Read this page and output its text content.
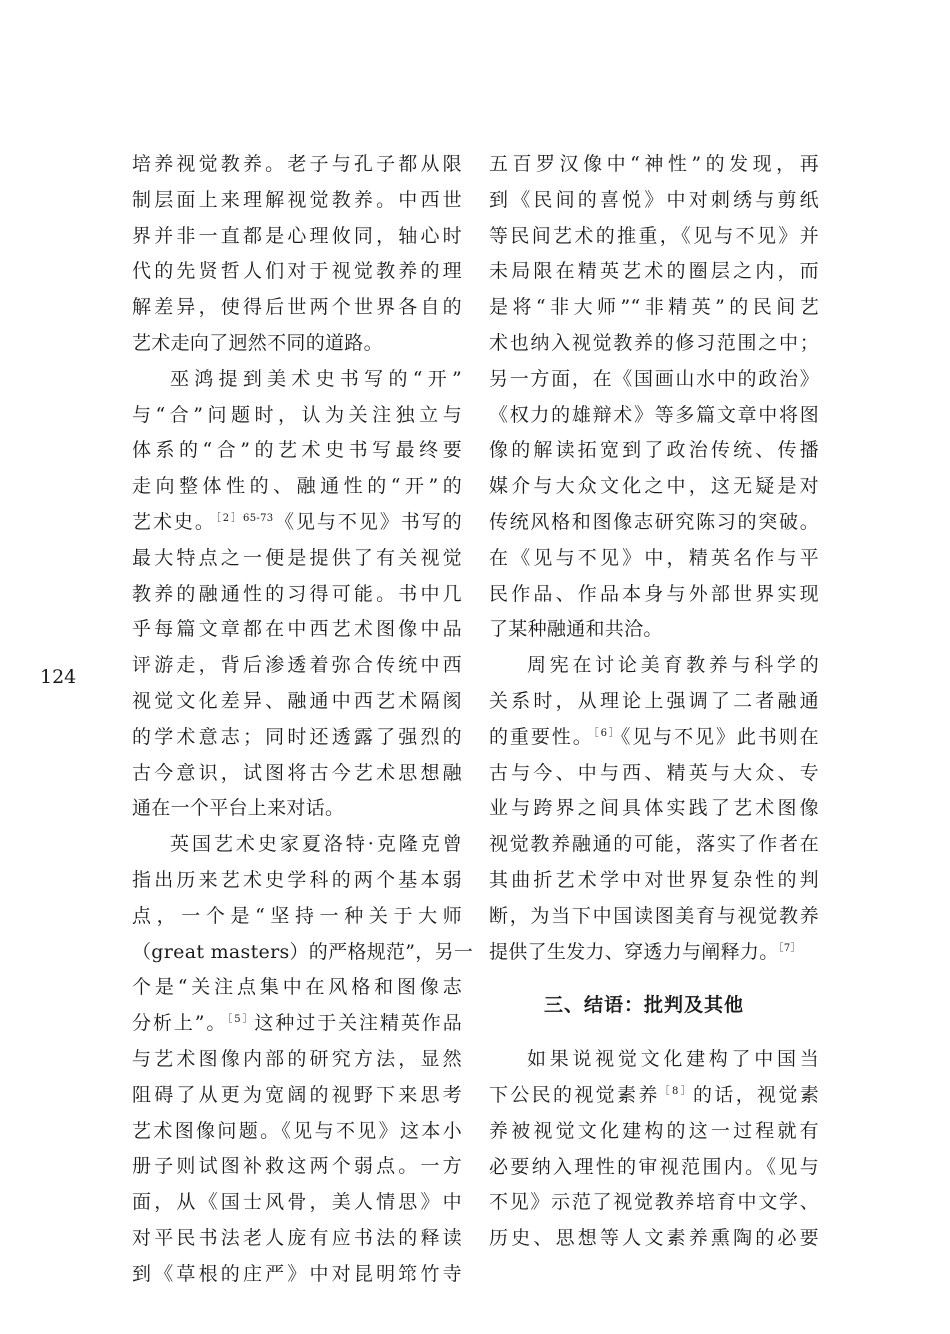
124
培养视觉教养。老子与孔子都从限
制层面上来理解视觉教养。中西世
界并非一直都是心理攸同，轴心时
代的先贤哲人们对于视觉教养的理
解差异，使得后世两个世界各自的
艺术走向了迥然不同的道路。
巫鸿提到美术史书写的“开”
与“合”问题时，认为关注独立与
体系的“合”的艺术史书写最终要
走向整体性的、融通性的“开”的
艺术史。$^{[2]65-73}$《见与不见》书写的
最大特点之一便是提供了有关视觉
教养的融通性的习得可能。书中几
乎每篇文章都在中西艺术图像中品
评游走，背后渗透着弥合传统中西
视觉文化差异、融通中西艺术隔阂
的学术意志；同时还透露了强烈的
古今意识，试图将古今艺术思想融
通在一个平台上来对话。
英国艺术史家夏洛特·克隆克曾
指出历来艺术史学科的两个基本弱
点，一个是“坚持一种关于大师
（great masters）的严格规范”，另一
个是“关注点集中在风格和图像志
分析上”。$^{[5]}$这种过于关注精英作品
与艺术图像内部的研究方法，显然
阻碍了从更为宽阔的视野下来思考
艺术图像问题。《见与不见》这本小
册子则试图补救这两个弱点。一方
面，从《国士风骨，美人情思》中
对平民书法老人庞有应书法的释读
到《草根的庄严》中对昆明筇竹寺
五百罗汉像中“神性”的发现，再
到《民间的喜悦》中对刺绣与剪纸
等民间艺术的推重，《见与不见》并
未局限在精英艺术的圈层之内，而
是将“非大师”“非精英”的民间艺
术也纳入视觉教养的修习范围之中；
另一方面，在《国画山水中的政治》
《权力的雄辩术》等多篇文章中将图
像的解读拓宽到了政治传统、传播
媒介与大众文化之中，这无疑是对
传统风格和图像志研究陈习的突破。
在《见与不见》中，精英名作与平
民作品、作品本身与外部世界实现
了某种融通和共洽。
周宪在讨论美育教养与科学的
关系时，从理论上强调了二者融通
的重要性。$^{[6]}$《见与不见》此书则在
古与今、中与西、精英与大众、专
业与跨界之间具体实践了艺术图像
视觉教养融通的可能，落实了作者在
其曲折艺术学中对世界复杂性的判
断，为当下中国读图美育与视觉教养
提供了生发力、穿透力与阐释力。$^{[7]}$
三、结语：批判及其他
如果说视觉文化建构了中国当
下公民的视觉素养$^{[8]}$的话，视觉素
养被视觉文化建构的这一过程就有
必要纳入理性的审视范围内。《见与
不见》示范了视觉教养培育中文学、
历史、思想等人文素养熏陶的必要
